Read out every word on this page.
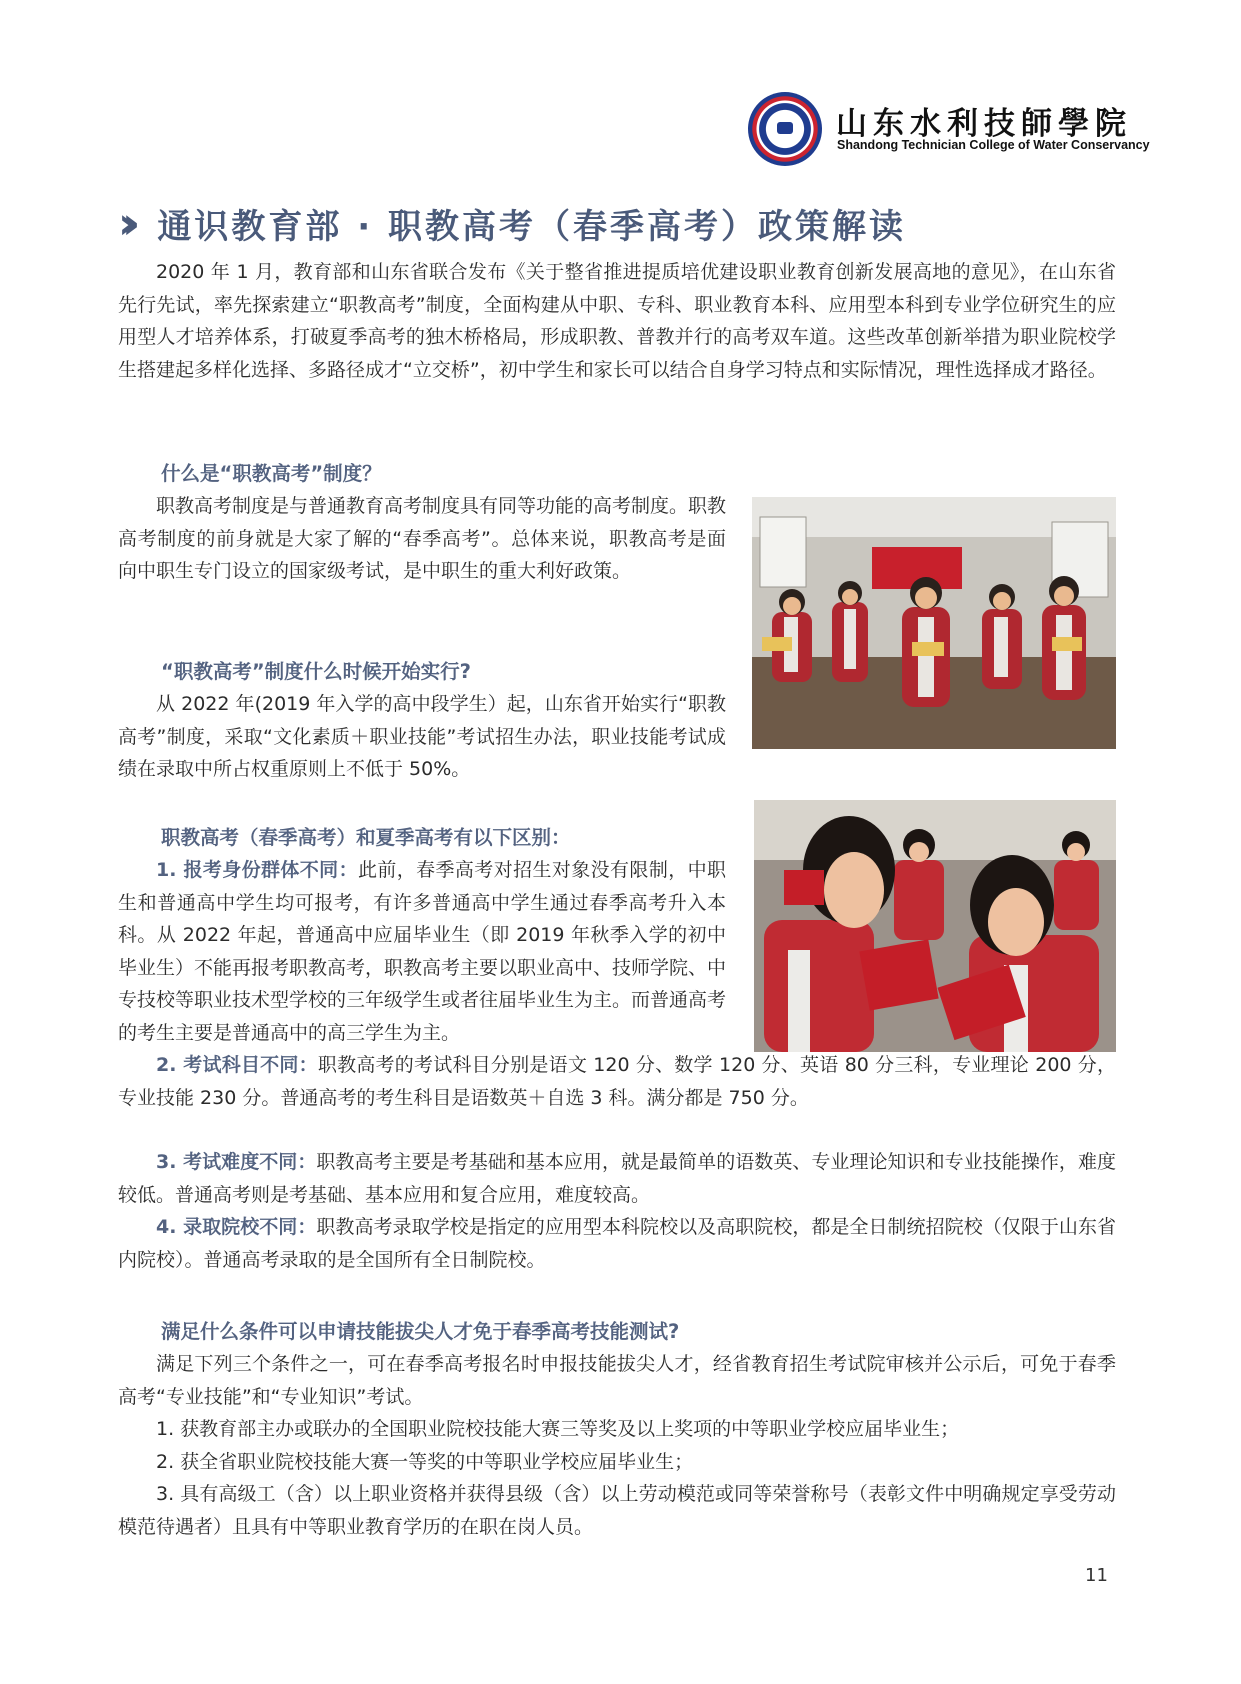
山东水利技師學院
Shandong Technician College of Water Conservancy
›› 通识教育部 · 职教高考（春季高考）政策解读

2020 年 1 月，教育部和山东省联合发布《关于整省推进提质培优建设职业教育创新发展高地的意见》，在山东省先行先试，率先探索建立“职教高考”制度，全面构建从中职、专科、职业教育本科、应用型本科到专业学位研究生的应用型人才培养体系，打破夏季高考的独木桥格局，形成职教、普教并行的高考双车道。这些改革创新举措为职业院校学生搭建起多样化选择、多路径成才“立交桥”，初中学生和家长可以结合自身学习特点和实际情况，理性选择成才路径。

什么是“职教高考”制度？

职教高考制度是与普通教育高考制度具有同等功能的高考制度。职教高考制度的前身就是大家了解的“春季高考”。总体来说，职教高考是面向中职生专门设立的国家级考试，是中职生的重大利好政策。

“职教高考”制度什么时候开始实行?

从 2022 年(2019 年入学的高中段学生）起，山东省开始实行“职教高考”制度，采取“文化素质＋职业技能”考试招生办法，职业技能考试成绩在录取中所占权重原则上不低于 50%。

职教高考（春季高考）和夏季高考有以下区别：

1. 报考身份群体不同：此前，春季高考对招生对象没有限制，中职生和普通高中学生均可报考，有许多普通高中学生通过春季高考升入本科。从 2022 年起，普通高中应届毕业生（即 2019 年秋季入学的初中毕业生）不能再报考职教高考，职教高考主要以职业高中、技师学院、中专技校等职业技术型学校的三年级学生或者往届毕业生为主。而普通高考的考生主要是普通高中的高三学生为主。

2. 考试科目不同：职教高考的考试科目分别是语文 120 分、数学 120 分、英语 80 分三科，专业理论 200 分，专业技能 230 分。普通高考的考生科目是语数英＋自选 3 科。满分都是 750 分。

3. 考试难度不同：职教高考主要是考基础和基本应用，就是最简单的语数英、专业理论知识和专业技能操作，难度较低。普通高考则是考基础、基本应用和复合应用，难度较高。

4. 录取院校不同：职教高考录取学校是指定的应用型本科院校以及高职院校，都是全日制统招院校（仅限于山东省内院校）。普通高考录取的是全国所有全日制院校。

满足什么条件可以申请技能拔尖人才免于春季高考技能测试?

满足下列三个条件之一，可在春季高考报名时申报技能拔尖人才，经省教育招生考试院审核并公示后，可免于春季高考“专业技能”和“专业知识”考试。

1. 获教育部主办或联办的全国职业院校技能大赛三等奖及以上奖项的中等职业学校应届毕业生；

2. 获全省职业院校技能大赛一等奖的中等职业学校应届毕业生；

3. 具有高级工（含）以上职业资格并获得县级（含）以上劳动模范或同等荣誉称号（表彰文件中明确规定享受劳动模范待遇者）且具有中等职业教育学历的在职在岗人员。

11
